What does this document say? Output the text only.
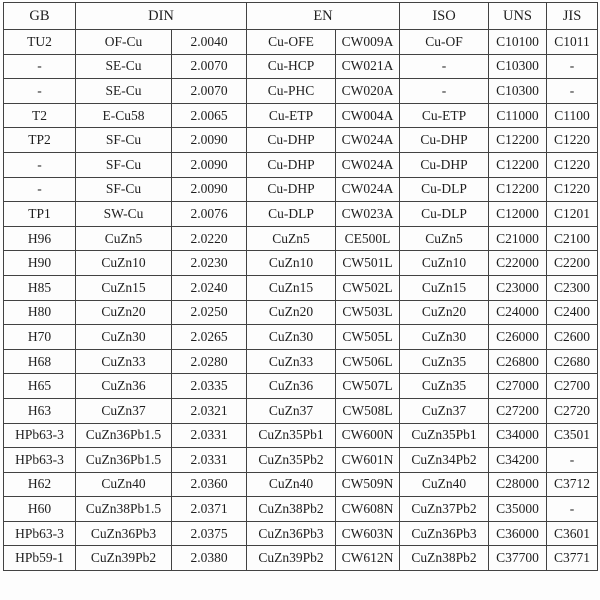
GB	DIN		EN		ISO	UNS	JIS
TU2	OF-Cu	2.0040	Cu-OFE	CW009A	Cu-OF	C10100	C1011
-	SE-Cu	2.0070	Cu-HCP	CW021A	-	C10300	-
-	SE-Cu	2.0070	Cu-PHC	CW020A	-	C10300	-
T2	E-Cu58	2.0065	Cu-ETP	CW004A	Cu-ETP	C11000	C1100
TP2	SF-Cu	2.0090	Cu-DHP	CW024A	Cu-DHP	C12200	C1220
-	SF-Cu	2.0090	Cu-DHP	CW024A	Cu-DHP	C12200	C1220
-	SF-Cu	2.0090	Cu-DHP	CW024A	Cu-DLP	C12200	C1220
TP1	SW-Cu	2.0076	Cu-DLP	CW023A	Cu-DLP	C12000	C1201
H96	CuZn5	2.0220	CuZn5	CE500L	CuZn5	C21000	C2100
H90	CuZn10	2.0230	CuZn10	CW501L	CuZn10	C22000	C2200
H85	CuZn15	2.0240	CuZn15	CW502L	CuZn15	C23000	C2300
H80	CuZn20	2.0250	CuZn20	CW503L	CuZn20	C24000	C2400
H70	CuZn30	2.0265	CuZn30	CW505L	CuZn30	C26000	C2600
H68	CuZn33	2.0280	CuZn33	CW506L	CuZn35	C26800	C2680
H65	CuZn36	2.0335	CuZn36	CW507L	CuZn35	C27000	C2700
H63	CuZn37	2.0321	CuZn37	CW508L	CuZn37	C27200	C2720
HPb63-3	CuZn36Pb1.5	2.0331	CuZn35Pb1	CW600N	CuZn35Pb1	C34000	C3501
HPb63-3	CuZn36Pb1.5	2.0331	CuZn35Pb2	CW601N	CuZn34Pb2	C34200	-
H62	CuZn40	2.0360	CuZn40	CW509N	CuZn40	C28000	C3712
H60	CuZn38Pb1.5	2.0371	CuZn38Pb2	CW608N	CuZn37Pb2	C35000	-
HPb63-3	CuZn36Pb3	2.0375	CuZn36Pb3	CW603N	CuZn36Pb3	C36000	C3601
HPb59-1	CuZn39Pb2	2.0380	CuZn39Pb2	CW612N	CuZn38Pb2	C37700	C3771
